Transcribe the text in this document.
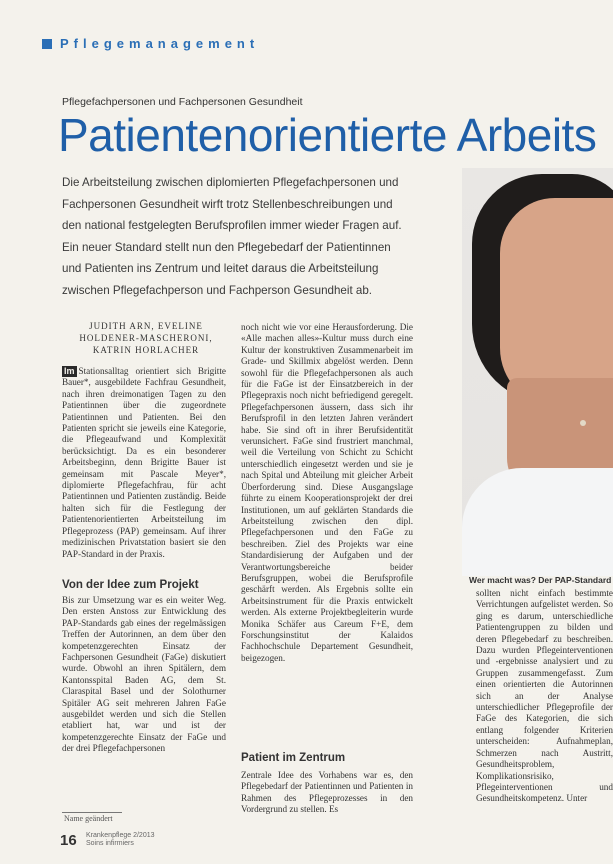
Pflegemanagement
Pflegefachpersonen und Fachpersonen Gesundheit
Patientenorientierte Arbeits
Die Arbeitsteilung zwischen diplomierten Pflegefachpersonen und Fachpersonen Gesundheit wirft trotz Stellenbeschreibungen und den national festgelegten Berufsprofilen immer wieder Fragen auf. Ein neuer Standard stellt nun den Pflegebedarf der Patientinnen und Patienten ins Zentrum und leitet daraus die Arbeitsteilung zwischen Pflegefachperson und Fachperson Gesundheit ab.
Wer macht was? Der PAP-Standard
JUDITH ARN, EVELINE
HOLDENER-MASCHERONI,
KATRIN HORLACHER

Im Stationsalltag orientiert sich Brigitte Bauer*, ausgebildete Fachfrau Gesundheit, nach ihren dreimonatigen Tagen zu den Patientinnen über die zugeordnete Patientinnen und Patienten. Bei den Patienten spricht sie jeweils eine Kategorie, die Pflegeaufwand und Komplexität berücksichtigt. Da es ein besonderer Arbeitsbeginn, denn Brigitte Bauer ist gemeinsam mit Pascale Meyer*, diplomierte Pflegefachfrau, für acht Patientinnen und Patienten zuständig. Beide halten sich für die Festlegung der Patientenorientierten Arbeitsteilung im Pflegeprozess (PAP) gemeinsam. Auf ihrer medizinischen Privatstation basiert sie den PAP-Standard in der Praxis.

Von der Idee zum Projekt

Bis zur Umsetzung war es ein weiter Weg. Den ersten Anstoss zur Entwicklung des PAP-Standards gab eines der regelmässigen Treffen der Autorinnen, an dem über den kompetenzgerechten Einsatz der Fachpersonen Gesundheit (FaGe) diskutiert wurde. Obwohl an ihren Spitälern, dem Kantonsspital Baden AG, dem St. Claraspital Basel und der Solothurner Spitäler AG seit mehreren Jahren FaGe ausgebildet werden und sich die Stellen etabliert hat, war und ist der kompetenzgerechte Einsatz der FaGe und der drei Pflegefachpersonen

noch nicht wie vor eine Herausforderung. Die «Alle machen alles»-Kultur muss durch eine Kultur der konstruktiven Zusammenarbeit im Grade- und Skillmix abgelöst werden. Denn sowohl für die Pflegefachpersonen als auch für die FaGe ist der Einsatzbereich in der Pflegepraxis noch nicht befriedigend geregelt. Pflegefachpersonen äussern, dass sich ihr Berufsprofil in den letzten Jahren verändert habe. Sie sind oft in ihrer Berufsidentität verunsichert. FaGe sind frustriert manchmal, weil die Verteilung von Schicht zu Schicht unterschiedlich eingesetzt werden und sie je nach Spital und Abteilung mit gleicher Arbeit Überforderung sind. Diese Ausgangslage führte zu einem Kooperationsprojekt der drei Institutionen, um auf geklärten Standards die Arbeitsteilung zwischen den dipl. Pflegefachpersonen und den FaGe zu beschreiben. Ziel des Projekts war eine Standardisierung der Aufgaben und der Verantwortungsbereiche beider Berufsgruppen, wobei die Berufsprofile geschärft werden. Als Ergebnis sollte ein Arbeitsinstrument für die Praxis entwickelt werden. Als externe Projektbegleiterin wurde Monika Schäfer aus Careum F+E, dem Forschungsinstitut der Kalaidos Fachhochschule Departement Gesundheit, beigezogen.

Patient im Zentrum

Zentrale Idee des Vorhabens war es, den Pflegebedarf der Patientinnen und Patienten in Rahmen des Pflegeprozesses in den Vordergrund zu stellen. Es

sollten nicht einfach bestimmte Verrichtungen aufgelistet werden. So ging es darum, unterschiedliche Patientengruppen zu bilden und deren Pflegebedarf zu beschreiben. Dazu wurden Pflegeinterventionen und -ergebnisse analysiert und zu Gruppen zusammengefasst. Zum einen orientierten die Autorinnen sich an der Analyse unterschiedlicher Pflegeprofile der FaGe des Kategorien, die sich entlang folgender Kriterien unterscheiden: Aufnahmeplan, Schmerzen nach Austritt, Gesundheitsproblem, Komplikationsrisiko, Pflegeinterventionen und Gesundheitskompetenz. Unter

Name geändert
16 Krankenpflege 2/2013
Soins infirmiers
